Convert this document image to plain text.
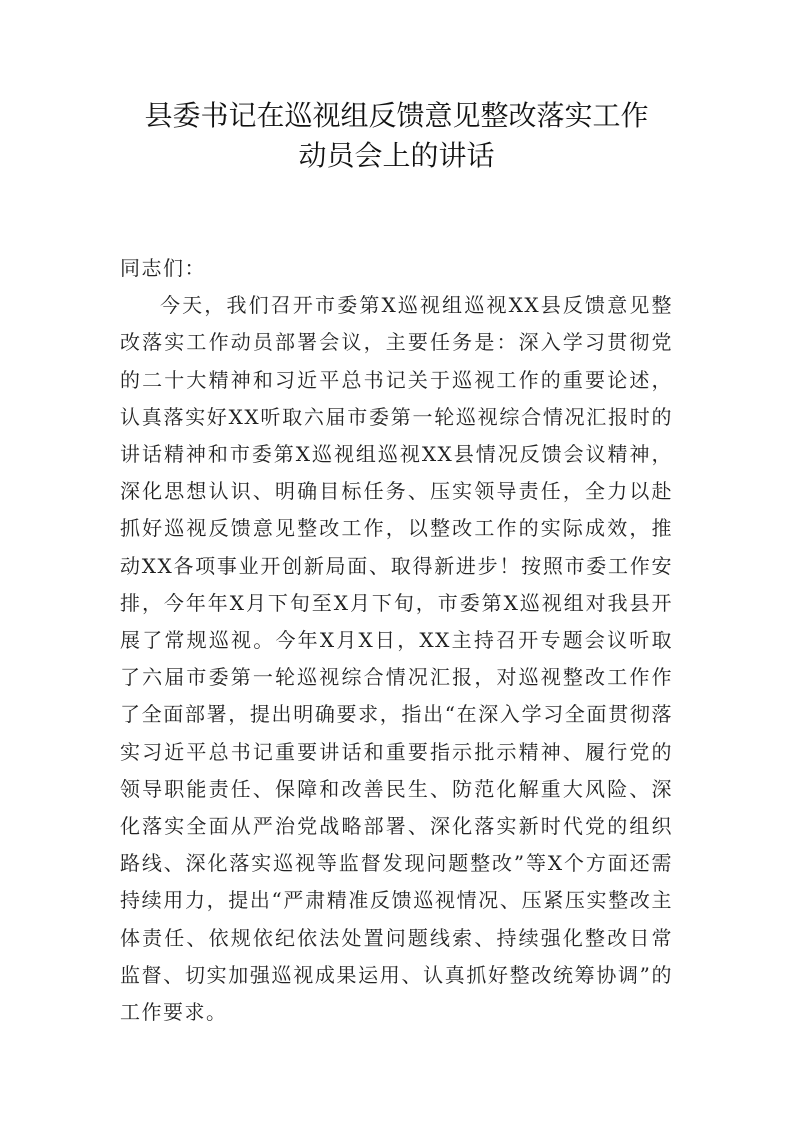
县委书记在巡视组反馈意见整改落实工作
动员会上的讲话

同志们：

今天，我们召开市委第X巡视组巡视XX县反馈意见整改落实工作动员部署会议，主要任务是：深入学习贯彻党的二十大精神和习近平总书记关于巡视工作的重要论述，认真落实好XX听取六届市委第一轮巡视综合情况汇报时的讲话精神和市委第X巡视组巡视XX县情况反馈会议精神，深化思想认识、明确目标任务、压实领导责任，全力以赴抓好巡视反馈意见整改工作，以整改工作的实际成效，推动XX各项事业开创新局面、取得新进步！按照市委工作安排，今年年X月下旬至X月下旬，市委第X巡视组对我县开展了常规巡视。今年X月X日，XX主持召开专题会议听取了六届市委第一轮巡视综合情况汇报，对巡视整改工作作了全面部署，提出明确要求，指出“在深入学习全面贯彻落实习近平总书记重要讲话和重要指示批示精神、履行党的领导职能责任、保障和改善民生、防范化解重大风险、深化落实全面从严治党战略部署、深化落实新时代党的组织路线、深化落实巡视等监督发现问题整改”等X个方面还需持续用力，提出“严肃精准反馈巡视情况、压紧压实整改主体责任、依规依纪依法处置问题线索、持续强化整改日常监督、切实加强巡视成果运用、认真抓好整改统筹协调”的工作要求。
